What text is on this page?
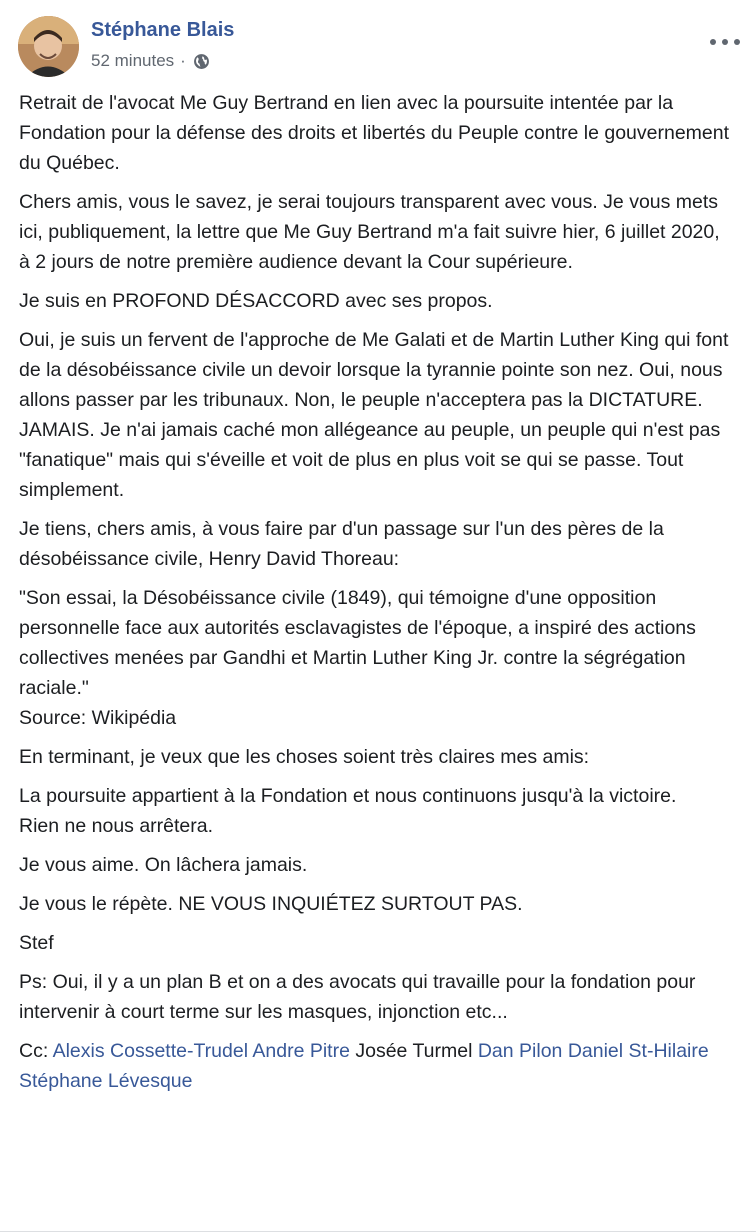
Stéphane Blais
52 minutes ·

Retrait de l'avocat Me Guy Bertrand en lien avec la poursuite intentée par la Fondation pour la défense des droits et libertés du Peuple contre le gouvernement du Québec.

Chers amis, vous le savez, je serai toujours transparent avec vous. Je vous mets ici, publiquement, la lettre que Me Guy Bertrand m'a fait suivre hier, 6 juillet 2020, à 2 jours de notre première audience devant la Cour supérieure.

Je suis en PROFOND DÉSACCORD avec ses propos.

Oui, je suis un fervent de l'approche de Me Galati et de Martin Luther King qui font de la désobéissance civile un devoir lorsque la tyrannie pointe son nez. Oui, nous allons passer par les tribunaux. Non, le peuple n'acceptera pas la DICTATURE. JAMAIS. Je n'ai jamais caché mon allégeance au peuple, un peuple qui n'est pas "fanatique" mais qui s'éveille et voit de plus en plus voit se qui se passe. Tout simplement.

Je tiens, chers amis, à vous faire par d'un passage sur l'un des pères de la désobéissance civile, Henry David Thoreau:

"Son essai, la Désobéissance civile (1849), qui témoigne d'une opposition personnelle face aux autorités esclavagistes de l'époque, a inspiré des actions collectives menées par Gandhi et Martin Luther King Jr. contre la ségrégation raciale."
Source: Wikipédia

En terminant, je veux que les choses soient très claires mes amis:

La poursuite appartient à la Fondation et nous continuons jusqu'à la victoire.
Rien ne nous arrêtera.

Je vous aime. On lâchera jamais.

Je vous le répète. NE VOUS INQUIÉTEZ SURTOUT PAS.

Stef

Ps: Oui, il y a un plan B et on a des avocats qui travaille pour la fondation pour intervenir à court terme sur les masques, injonction etc...

Cc: Alexis Cossette-Trudel Andre Pitre Josée Turmel Dan Pilon Daniel St-Hilaire Stéphane Lévesque
